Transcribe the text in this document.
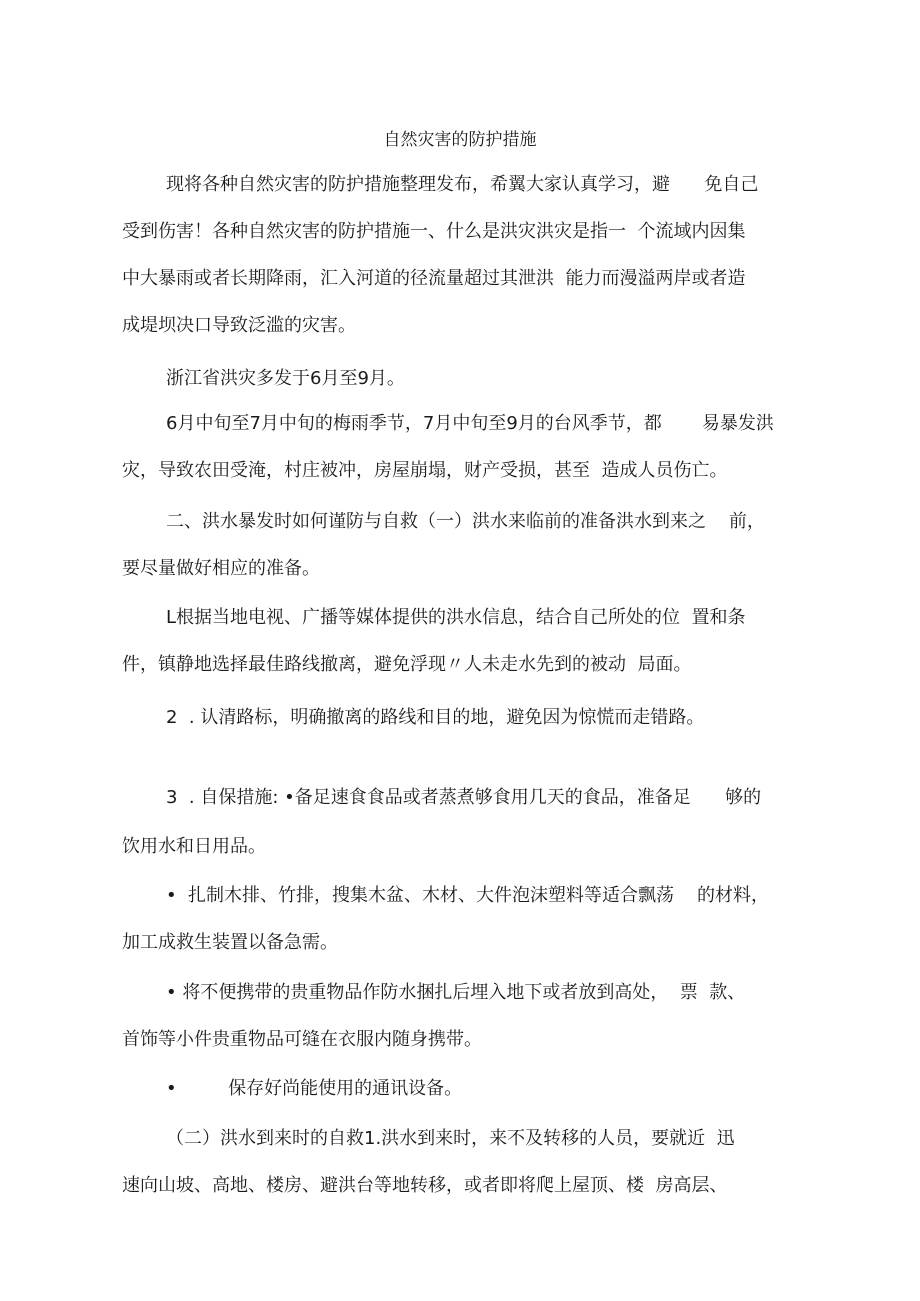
自然灾害的防护措施
现将各种自然灾害的防护措施整理发布，希翼大家认真学习，避      免自己
受到伤害！各种自然灾害的防护措施一、什么是洪灾洪灾是指一  个流域内因集
中大暴雨或者长期降雨，汇入河道的径流量超过其泄洪  能力而漫溢两岸或者造
成堤坝决口导致泛滥的灾害。
浙江省洪灾多发于6月至9月。
6月中旬至7月中旬的梅雨季节，7月中旬至9月的台风季节，都       易暴发洪
灾，导致农田受淹，村庄被冲，房屋崩塌，财产受损，甚至  造成人员伤亡。
二、洪水暴发时如何谨防与自救（一）洪水来临前的准备洪水到来之    前，
要尽量做好相应的准备。
L根据当地电视、广播等媒体提供的洪水信息，结合自己所处的位  置和条
件，镇静地选择最佳路线撤离，避免浮现〃人未走水先到的被动  局面。
2  . 认清路标，明确撤离的路线和目的地，避免因为惊慌而走错路。
3  . 自保措施: •备足速食食品或者蒸煮够食用几天的食品，准备足      够的
饮用水和日用品。
•  扎制木排、竹排，搜集木盆、木材、大件泡沫塑料等适合飘荡    的材料，
加工成救生装置以备急需。
• 将不便携带的贵重物品作防水捆扎后埋入地下或者放到高处，  票  款、
首饰等小件贵重物品可缝在衣服内随身携带。
•         保存好尚能使用的通讯设备。
（二）洪水到来时的自救1.洪水到来时，来不及转移的人员，要就近  迅
速向山坡、高地、楼房、避洪台等地转移，或者即将爬上屋顶、楼  房高层、
